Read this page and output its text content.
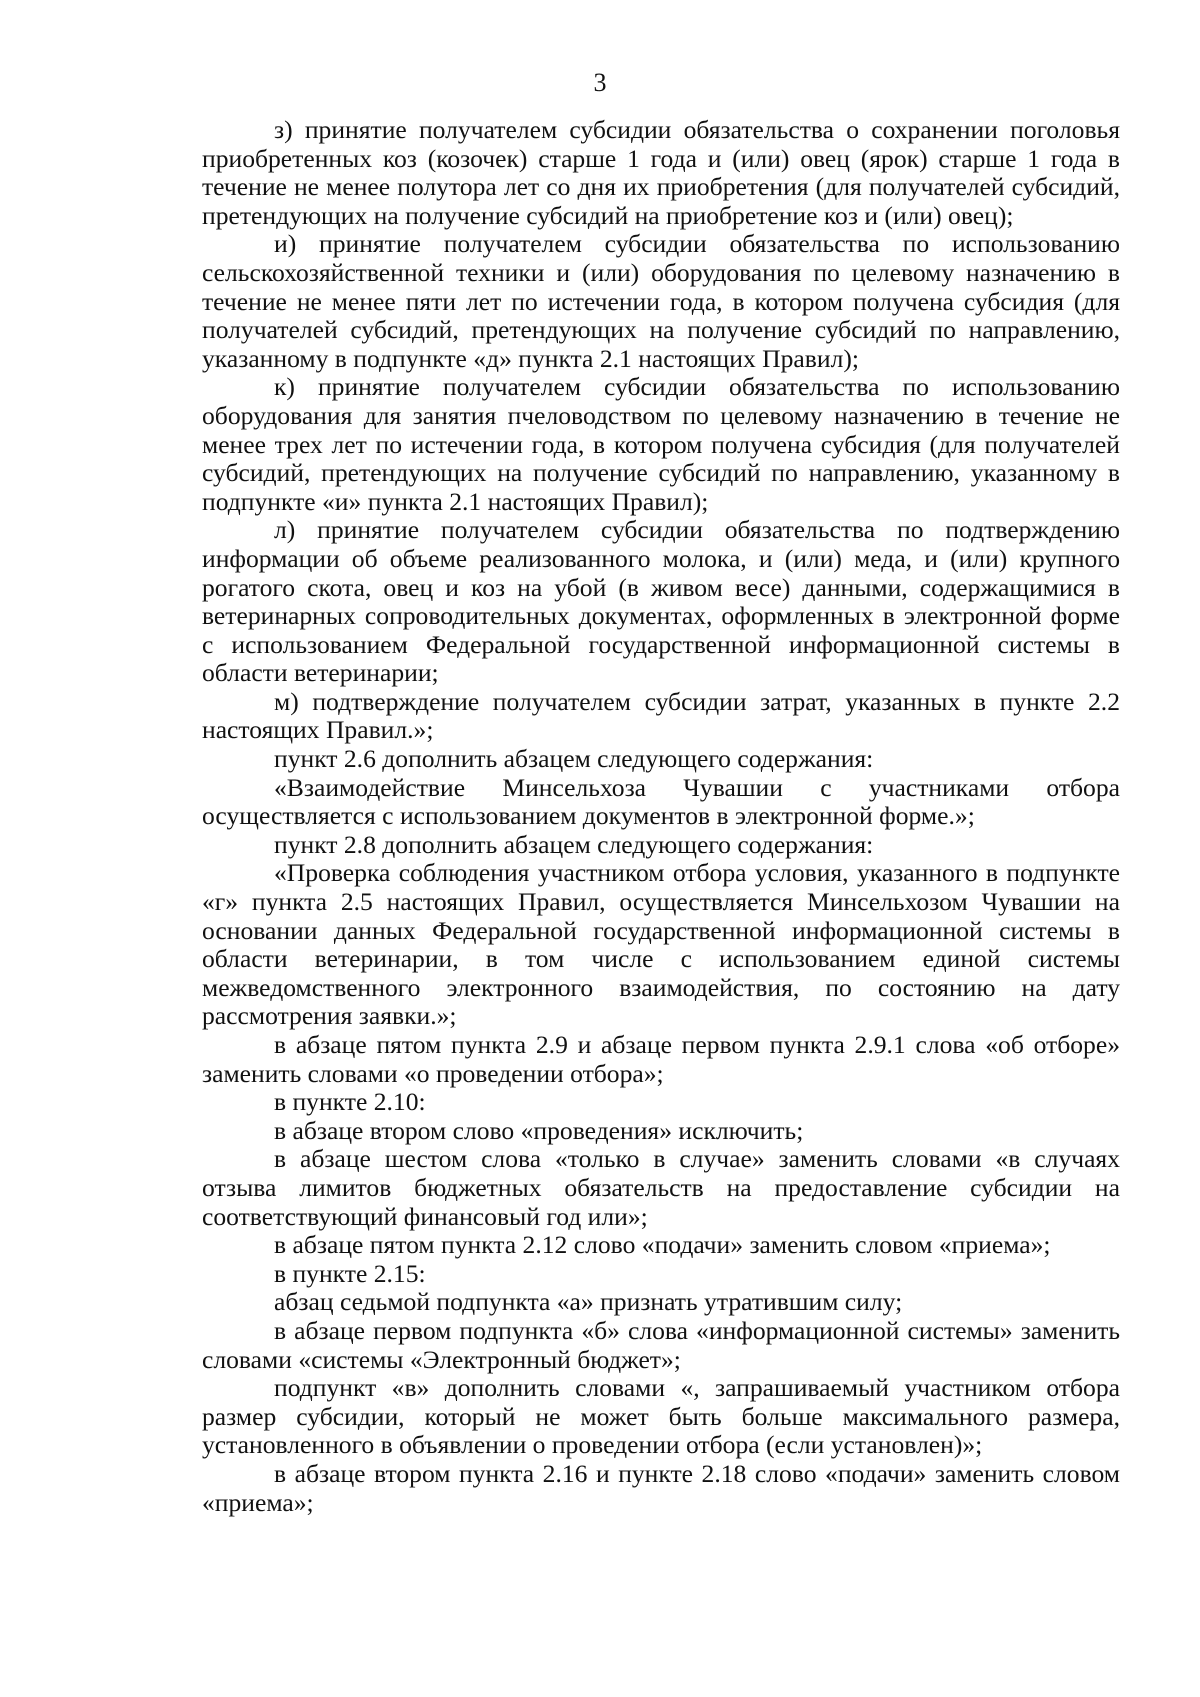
3

з) принятие получателем субсидии обязательства о сохранении поголовья приобретенных коз (козочек) старше 1 года и (или) овец (ярок) старше 1 года в течение не менее полутора лет со дня их приобретения (для получателей субсидий, претендующих на получение субсидий на приобретение коз и (или) овец);

и) принятие получателем субсидии обязательства по использованию сельскохозяйственной техники и (или) оборудования по целевому назначению в течение не менее пяти лет по истечении года, в котором получена субсидия (для получателей субсидий, претендующих на получение субсидий по направлению, указанному в подпункте «д» пункта 2.1 настоящих Правил);

к) принятие получателем субсидии обязательства по использованию оборудования для занятия пчеловодством по целевому назначению в течение не менее трех лет по истечении года, в котором получена субсидия (для получателей субсидий, претендующих на получение субсидий по направлению, указанному в подпункте «и» пункта 2.1 настоящих Правил);

л) принятие получателем субсидии обязательства по подтверждению информации об объеме реализованного молока, и (или) меда, и (или) крупного рогатого скота, овец и коз на убой (в живом весе) данными, содержащимися в ветеринарных сопроводительных документах, оформленных в электронной форме с использованием Федеральной государственной информационной системы в области ветеринарии;

м) подтверждение получателем субсидии затрат, указанных в пункте 2.2 настоящих Правил.»;

пункт 2.6 дополнить абзацем следующего содержания:

«Взаимодействие Минсельхоза Чувашии с участниками отбора осуществляется с использованием документов в электронной форме.»;

пункт 2.8 дополнить абзацем следующего содержания:

«Проверка соблюдения участником отбора условия, указанного в подпункте «г» пункта 2.5 настоящих Правил, осуществляется Минсельхозом Чувашии на основании данных Федеральной государственной информационной системы в области ветеринарии, в том числе с использованием единой системы межведомственного электронного взаимодействия, по состоянию на дату рассмотрения заявки.»;

в абзаце пятом пункта 2.9 и абзаце первом пункта 2.9.1 слова «об отборе» заменить словами «о проведении отбора»;

в пункте 2.10:

в абзаце втором слово «проведения» исключить;

в абзаце шестом слова «только в случае» заменить словами «в случаях отзыва лимитов бюджетных обязательств на предоставление субсидии на соответствующий финансовый год или»;

в абзаце пятом пункта 2.12 слово «подачи» заменить словом «приема»;

в пункте 2.15:

абзац седьмой подпункта «а» признать утратившим силу;

в абзаце первом подпункта «б» слова «информационной системы» заменить словами «системы «Электронный бюджет»;

подпункт «в» дополнить словами «, запрашиваемый участником отбора размер субсидии, который не может быть больше максимального размера, установленного в объявлении о проведении отбора (если установлен)»;

в абзаце втором пункта 2.16 и пункте 2.18 слово «подачи» заменить словом «приема»;
